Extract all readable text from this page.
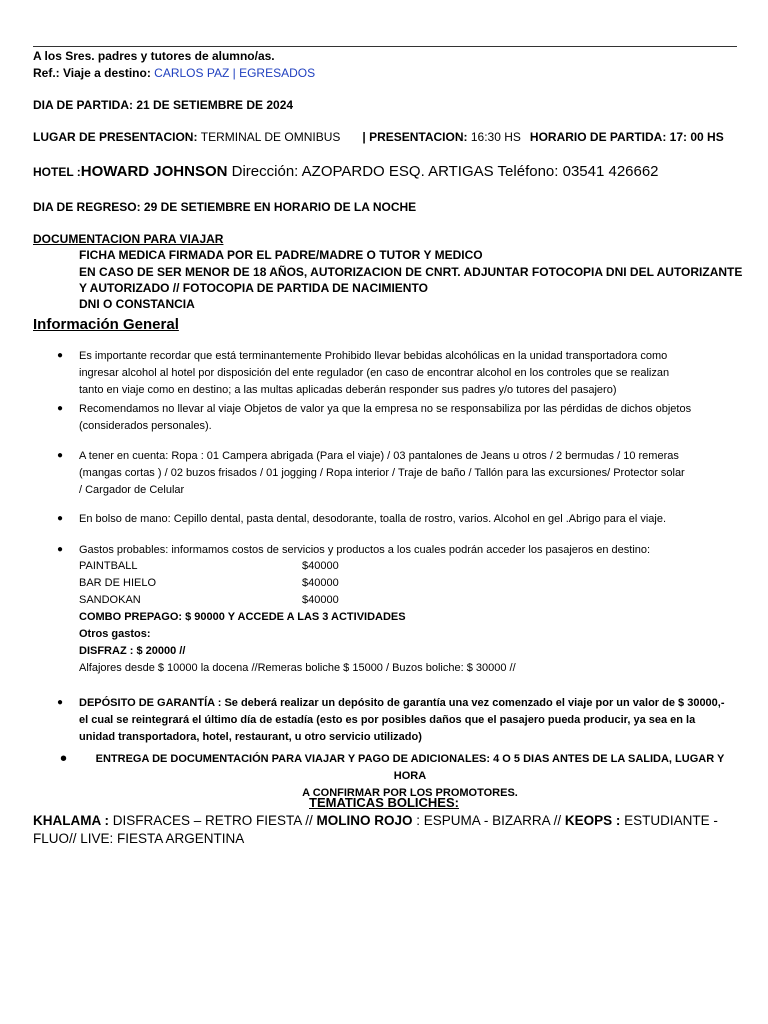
A los Sres. padres y tutores de alumno/as.
Ref.: Viaje a destino: CARLOS PAZ | EGRESADOS
DIA DE PARTIDA: 21 DE SETIEMBRE DE 2024
LUGAR DE PRESENTACION: TERMINAL DE OMNIBUS | PRESENTACION: 16:30 HS HORARIO DE PARTIDA: 17: 00 HS
HOTEL :HOWARD JOHNSON Dirección: AZOPARDO ESQ. ARTIGAS Teléfono: 03541 426662
DIA DE REGRESO: 29 DE SETIEMBRE EN HORARIO DE LA NOCHE
DOCUMENTACION PARA VIAJAR
FICHA MEDICA FIRMADA POR EL PADRE/MADRE O TUTOR Y MEDICO
EN CASO DE SER MENOR DE 18 AÑOS, AUTORIZACION DE CNRT. ADJUNTAR FOTOCOPIA DNI DEL AUTORIZANTE
Y AUTORIZADO // FOTOCOPIA DE PARTIDA DE NACIMIENTO
DNI O CONSTANCIA
Información General
● Es importante recordar que está terminantemente Prohibido llevar bebidas alcohólicas en la unidad transportadora como
ingresar alcohol al hotel por disposición del ente regulador (en caso de encontrar alcohol en los controles que se realizan
tanto en viaje como en destino; a las multas aplicadas deberán responder sus padres y/o tutores del pasajero)
● Recomendamos no llevar al viaje Objetos de valor ya que la empresa no se responsabiliza por las pérdidas de dichos objetos
(considerados personales).
● A tener en cuenta: Ropa : 01 Campera abrigada (Para el viaje) / 03 pantalones de Jeans u otros / 2 bermudas / 10 remeras
(mangas cortas ) / 02 buzos frisados / 01 jogging / Ropa interior / Traje de baño / Tallón para las excursiones/ Protector solar
/ Cargador de Celular
● En bolso de mano: Cepillo dental, pasta dental, desodorante, toalla de rostro, varios. Alcohol en gel .Abrigo para el viaje.
● Gastos probables: informamos costos de servicios y productos a los cuales podrán acceder los pasajeros en destino:
PAINTBALL	$40000
BAR DE HIELO	$40000
SANDOKAN	$40000
COMBO PREPAGO: $ 90000 Y ACCEDE A LAS 3 ACTIVIDADES
Otros gastos:
DISFRAZ : $ 20000 //
Alfajores desde $ 10000 la docena //Remeras boliche $ 15000 / Buzos boliche: $ 30000 //
● DEPÓSITO DE GARANTÍA : Se deberá realizar un depósito de garantía una vez comenzado el viaje por un valor de $ 30000,-
el cual se reintegrará el último día de estadía (esto es por posibles daños que el pasajero pueda producir, ya sea en la
unidad transportadora, hotel, restaurant, u otro servicio utilizado)
•	ENTREGA DE DOCUMENTACIÓN PARA VIAJAR Y PAGO DE ADICIONALES: 4 O 5 DIAS ANTES DE LA SALIDA, LUGAR Y HORA
A CONFIRMAR POR LOS PROMOTORES.
TEMATICAS BOLICHES:
KHALAMA : DISFRACES – RETRO FIESTA // MOLINO ROJO : ESPUMA - BIZARRA // KEOPS : ESTUDIANTE -
FLUO// LIVE: FIESTA ARGENTINA
